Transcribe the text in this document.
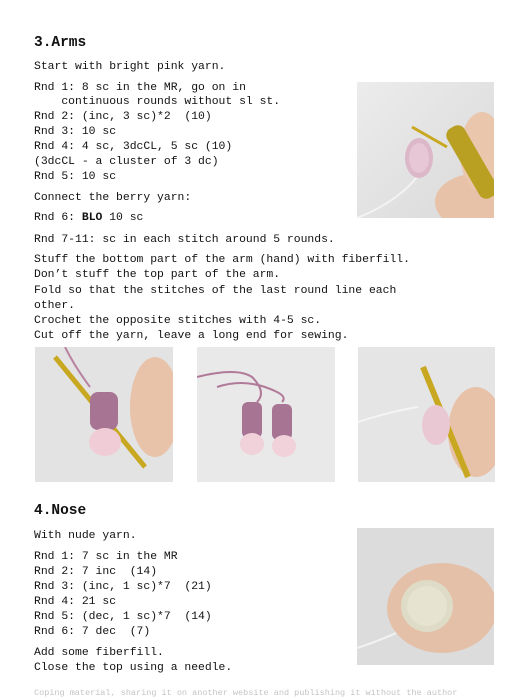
3.Arms
Start with bright pink yarn.
Rnd 1: 8 sc in the MR, go on in
continuous rounds without sl st.
Rnd 2: (inc, 3 sc)*2  (10)
Rnd 3: 10 sc
Rnd 4: 4 sc, 3dcCL, 5 sc (10)
(3dcCL - a cluster of 3 dc)
Rnd 5: 10 sc
Connect the berry yarn:
Rnd 6: BLO 10 sc
Rnd 7-11: sc in each stitch around 5 rounds.
Stuff the bottom part of the arm (hand) with fiberfill.
Don’t stuff the top part of the arm.
Fold so that the stitches of the last round line each
other.
Crochet the opposite stitches with 4-5 sc.
Cut off the yarn, leave a long end for sewing.
4.Nose
With nude yarn.
Rnd 1: 7 sc in the MR
Rnd 2: 7 inc  (14)
Rnd 3: (inc, 1 sc)*7  (21)
Rnd 4: 21 sc
Rnd 5: (dec, 1 sc)*7  (14)
Rnd 6: 7 dec  (7)
Add some fiberfill.
Close the top using a needle.
Coping material, sharing it on another website and publishing it without the author
